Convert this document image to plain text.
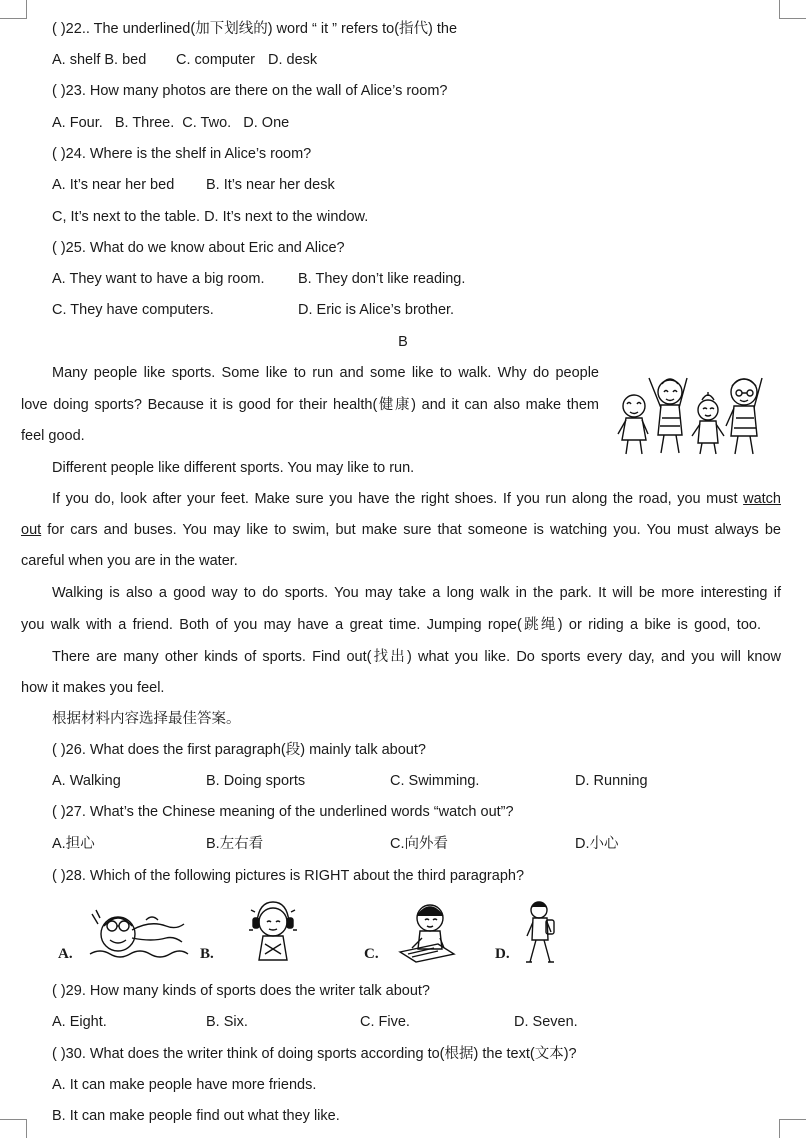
( )22.. The underlined(加下划线的) word “ it ” refers to(指代) the
A. shelf B. bed C. computer D. desk
( )23. How many photos are there on the wall of Alice’s room?
A. Four.   B. Three.  C. Two.   D. One
( )24. Where is the shelf in Alice’s room?
A. It’s near her bed B. It’s near her desk
C, It’s next to the table. D. It’s next to the window.
( )25. What do we know about Eric and Alice?
A. They want to have a big room. B. They don’t like reading.
C. They have computers.	D. Eric is Alice’s brother.
B
Many people like sports. Some like to run and some like to walk. Why do people
love doing sports? Because it is good for their health(健康) and it can also make them
feel good.
Different people like different sports. You may like to run.
If you do, look after your feet. Make sure you have the right shoes. If you run along the road, you must watch
out for cars and buses. You may like to swim, but make sure that someone is watching you. You must always be
careful when you are in the water.
Walking is also a good way to do sports. You may take a long walk in the park. It will be more interesting if
you walk with a friend. Both of you may have a great time. Jumping rope(跳绳) or riding a bike is good, too.
There are many other kinds of sports. Find out(找出) what you like. Do sports every day, and you will know
how it makes you feel.
根据材料内容选择最佳答案。
( )26. What does the first paragraph(段) mainly talk about?
A. Walking	B. Doing sports	C. Swimming.	D. Running
( )27. What’s the Chinese meaning of the underlined words “watch out”?
A.担心	B.左右看	C.向外看	D.小心
( )28. Which of the following pictures is RIGHT about the third paragraph?
A.	B.	C.	D.
( )29. How many kinds of sports does the writer talk about?
A. Eight.	B. Six.	C. Five.	D. Seven.
( )30. What does the writer think of doing sports according to(根据) the text(文本)?
A. It can make people have more friends.
B. It can make people find out what they like.
